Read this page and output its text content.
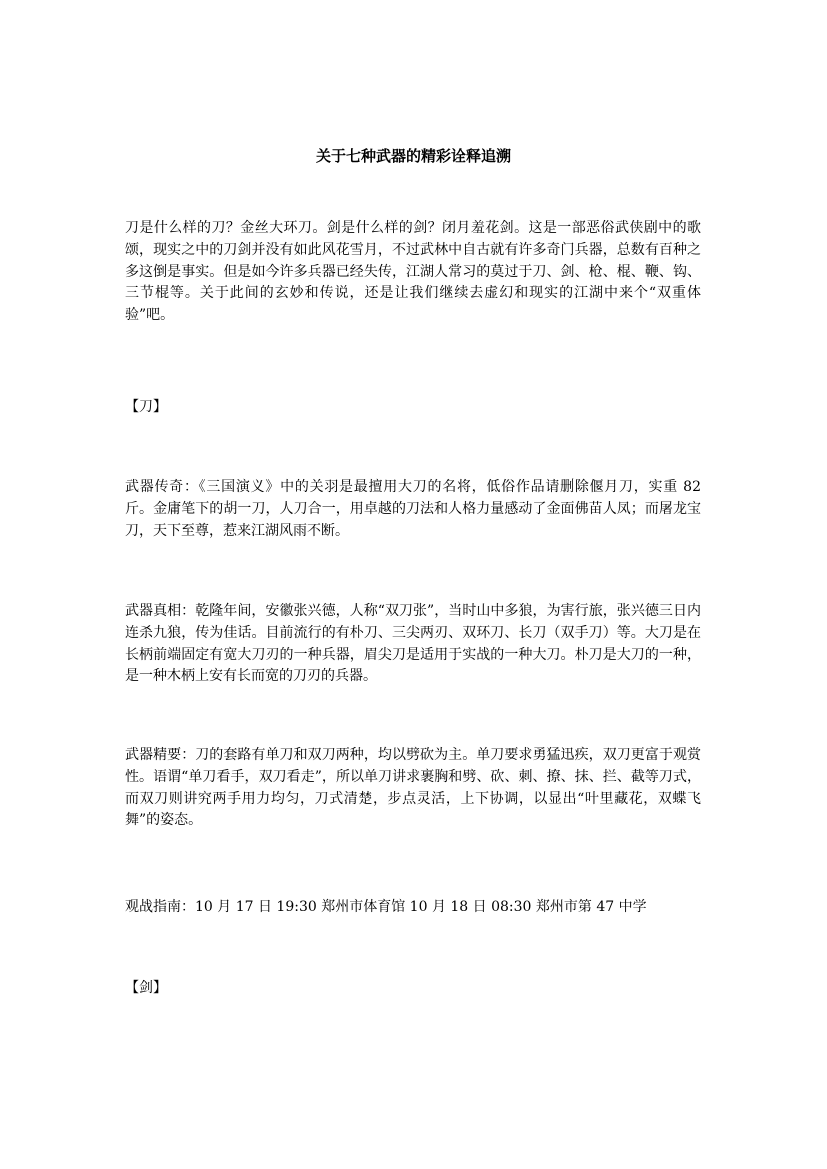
关于七种武器的精彩诠释追溯

刀是什么样的刀？金丝大环刀。剑是什么样的剑？闭月羞花剑。这是一部恶俗武侠剧中的歌颂，现实之中的刀剑并没有如此风花雪月，不过武林中自古就有许多奇门兵器，总数有百种之多这倒是事实。但是如今许多兵器已经失传，江湖人常习的莫过于刀、剑、枪、棍、鞭、钩、三节棍等。关于此间的玄妙和传说，还是让我们继续去虚幻和现实的江湖中来个“双重体验”吧。

【刀】

武器传奇：《三国演义》中的关羽是最擅用大刀的名将，低俗作品请删除偃月刀，实重 82 斤。金庸笔下的胡一刀，人刀合一，用卓越的刀法和人格力量感动了金面佛苗人凤；而屠龙宝刀，天下至尊，惹来江湖风雨不断。

武器真相：乾隆年间，安徽张兴德，人称“双刀张”，当时山中多狼，为害行旅，张兴德三日内连杀九狼，传为佳话。目前流行的有朴刀、三尖两刃、双环刀、长刀（双手刀）等。大刀是在长柄前端固定有宽大刀刃的一种兵器，眉尖刀是适用于实战的一种大刀。朴刀是大刀的一种，是一种木柄上安有长而宽的刀刃的兵器。

武器精要：刀的套路有单刀和双刀两种，均以劈砍为主。单刀要求勇猛迅疾，双刀更富于观赏性。语谓“单刀看手，双刀看走”，所以单刀讲求裹胸和劈、砍、刺、撩、抹、拦、截等刀式，而双刀则讲究两手用力均匀，刀式清楚，步点灵活，上下协调，以显出“叶里藏花，双蝶飞舞”的姿态。

观战指南：10 月 17 日 19:30 郑州市体育馆 10 月 18 日 08:30 郑州市第 47 中学

【剑】
